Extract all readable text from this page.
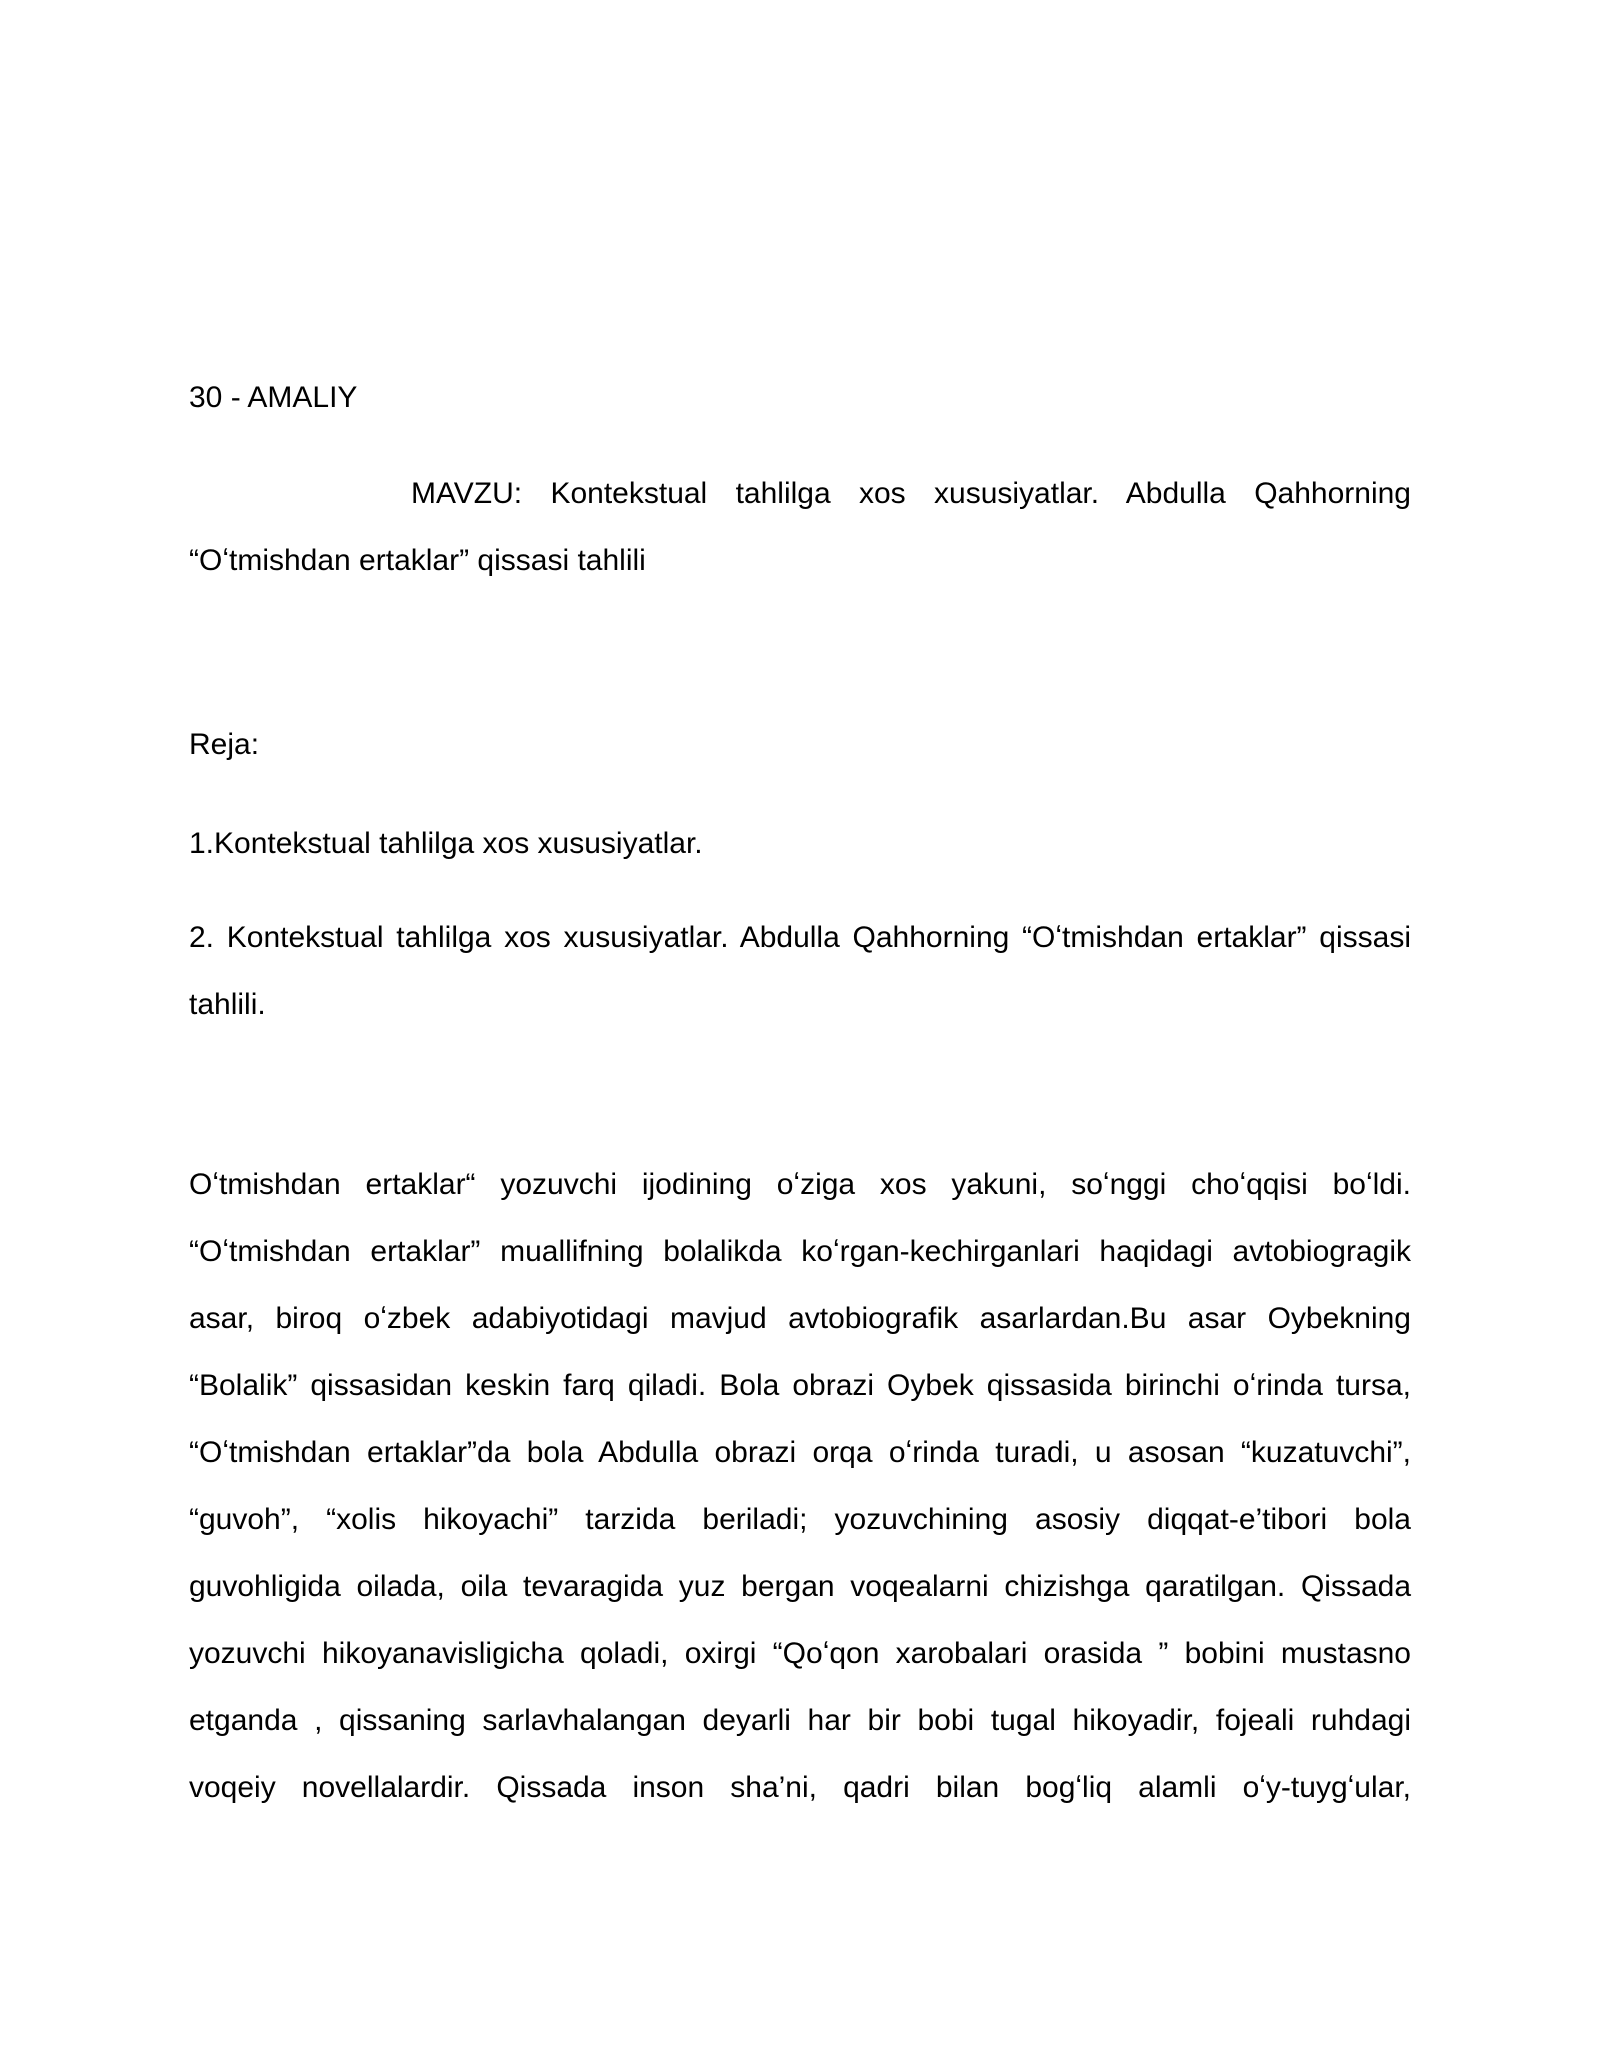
30 - AMALIY

MAVZU: Kontekstual tahlilga xos xususiyatlar. Abdulla Qahhorning “Oʻtmishdan ertaklar” qissasi tahlili

Reja:

1.Kontekstual tahlilga xos xususiyatlar.
2. Kontekstual tahlilga xos xususiyatlar. Abdulla Qahhorning “Oʻtmishdan ertaklar” qissasi tahlili.

Oʻtmishdan ertaklar“ yozuvchi ijodining oʻziga xos yakuni, soʻnggi choʻqqisi boʻldi. “Oʻtmishdan ertaklar” muallifning bolalikda koʻrgan-kechirganlari haqidagi avtobiogragik asar, biroq oʻzbek adabiyotidagi mavjud avtobiografik asarlardan.Bu asar Oybekning “Bolalik” qissasidan keskin farq qiladi. Bola obrazi Oybek qissasida birinchi oʻrinda tursa, “Oʻtmishdan ertaklar”da bola Abdulla obrazi orqa oʻrinda turadi, u asosan “kuzatuvchi”, “guvoh”, “xolis hikoyachi” tarzida beriladi; yozuvchining asosiy diqqat-e’tibori bola guvohligida oilada, oila tevaragida yuz bergan voqealarni chizishga qaratilgan. Qissada yozuvchi hikoyanavisligicha qoladi, oxirgi “Qoʻqon xarobalari orasida ” bobini mustasno etganda , qissaning sarlavhalangan deyarli har bir bobi tugal hikoyadir, fojeali ruhdagi voqeiy novellalardir. Qissada inson sha’ni, qadri bilan bogʻliq alamli oʻy-tuygʻular,
